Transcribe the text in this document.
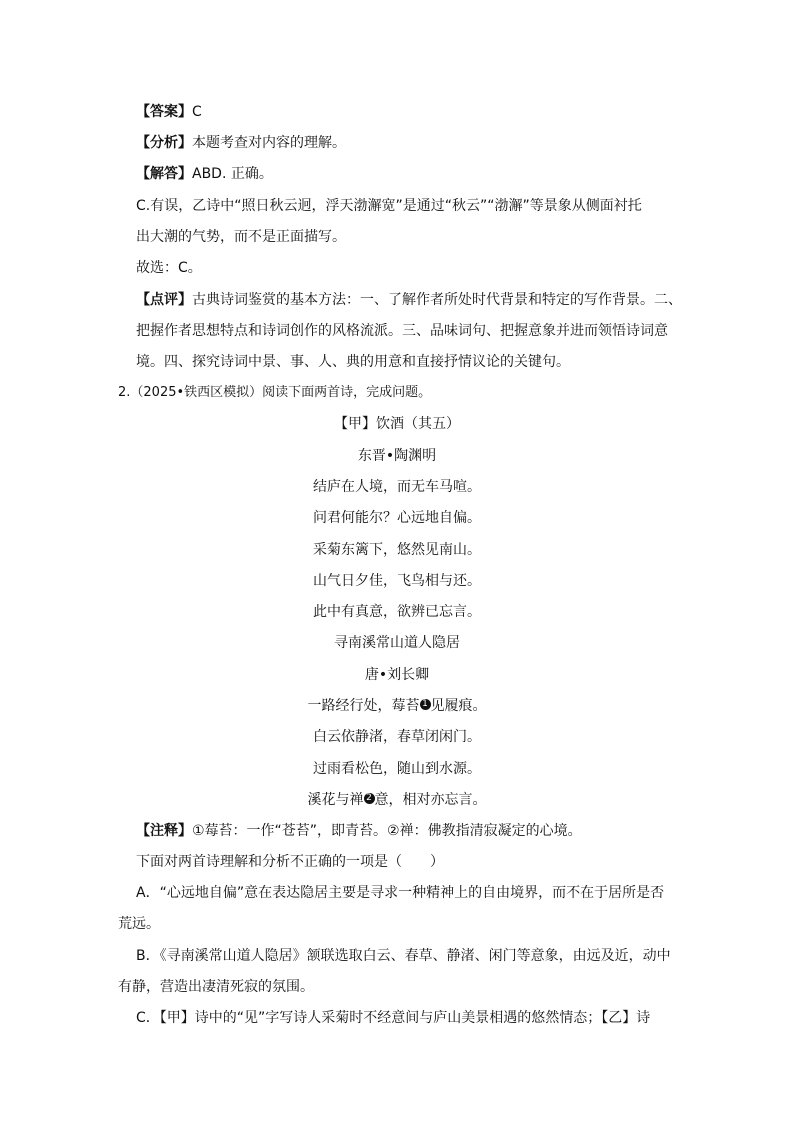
【答案】C
【分析】本题考查对内容的理解。
【解答】ABD. 正确。
C.有误，乙诗中“照日秋云迥，浮天渤澥宽”是通过“秋云”“渤澥”等景象从侧面衬托
出大潮的气势，而不是正面描写。
故选：C。
【点评】古典诗词鉴赏的基本方法：一、了解作者所处时代背景和特定的写作背景。二、
把握作者思想特点和诗词创作的风格流派。三、品味词句、把握意象并进而领悟诗词意
境。四、探究诗词中景、事、人、典的用意和直接抒情议论的关键句。
2.（2025•铁西区模拟）阅读下面两首诗，完成问题。
【甲】饮酒（其五）
东晋•陶渊明
结庐在人境，而无车马喧。
问君何能尔？心远地自偏。
采菊东篱下，悠然见南山。
山气日夕佳，飞鸟相与还。
此中有真意，欲辨已忘言。
寻南溪常山道人隐居
唐•刘长卿
一路经行处，莓苔 1 见履痕。
白云依静渚，春草闭闲门。
过雨看松色，随山到水源。
溪花与禅 2 意，相对亦忘言。
【注释】①莓苔：一作“苍苔”，即青苔。②禅：佛教指清寂凝定的心境。
下面对两首诗理解和分析不正确的一项是（　　）
A．“心远地自偏”意在表达隐居主要是寻求一种精神上的自由境界，而不在于居所是否
荒远。
B．《寻南溪常山道人隐居》颔联选取白云、春草、静渚、闲门等意象，由远及近，动中
有静，营造出凄清死寂的氛围。
C．【甲】诗中的“见”字写诗人采菊时不经意间与庐山美景相遇的悠然情态；【乙】诗
